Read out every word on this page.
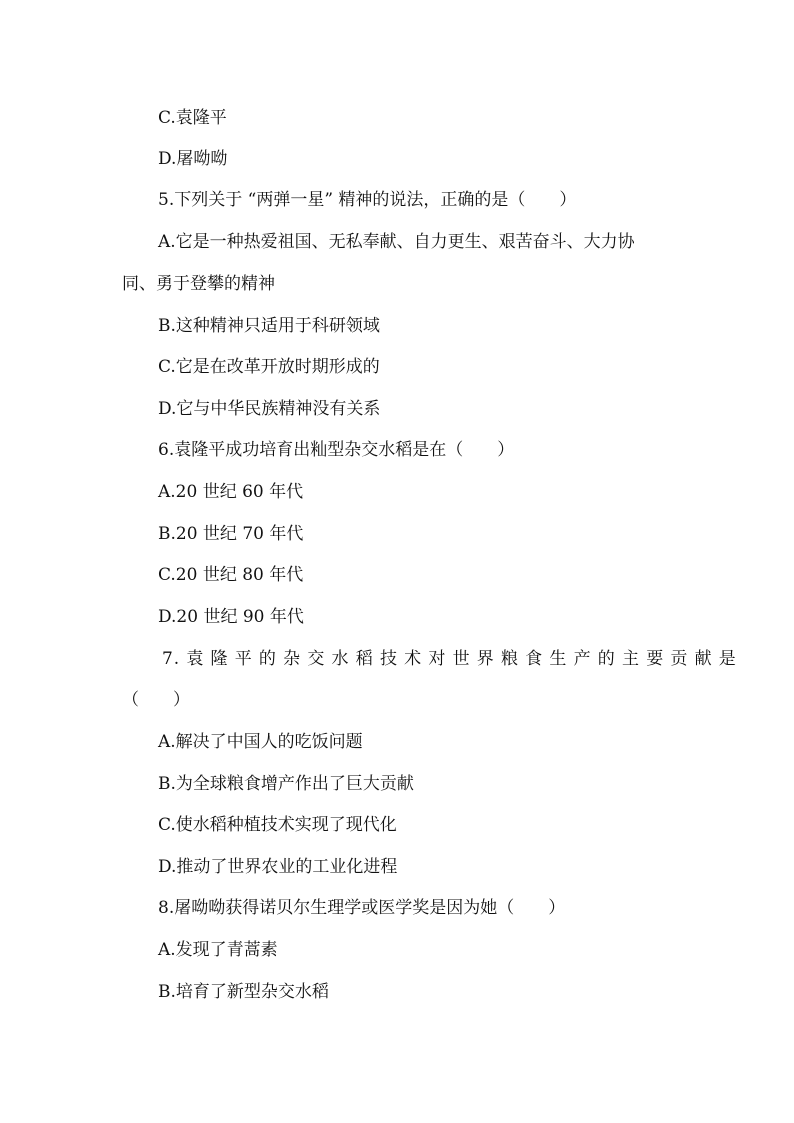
C.袁隆平
D.屠呦呦
5.下列关于 “两弹一星” 精神的说法，正确的是（　　）
A.它是一种热爱祖国、无私奉献、自力更生、艰苦奋斗、大力协
同、勇于登攀的精神
B.这种精神只适用于科研领域
C.它是在改革开放时期形成的
D.它与中华民族精神没有关系
6.袁隆平成功培育出籼型杂交水稻是在（　　）
A.20 世纪 60 年代
B.20 世纪 70 年代
C.20 世纪 80 年代
D.20 世纪 90 年代
7. 袁 隆 平 的 杂 交 水 稻 技 术 对 世 界 粮 食 生 产 的 主 要 贡 献 是
（　　）
A.解决了中国人的吃饭问题
B.为全球粮食增产作出了巨大贡献
C.使水稻种植技术实现了现代化
D.推动了世界农业的工业化进程
8.屠呦呦获得诺贝尔生理学或医学奖是因为她（　　）
A.发现了青蒿素
B.培育了新型杂交水稻
